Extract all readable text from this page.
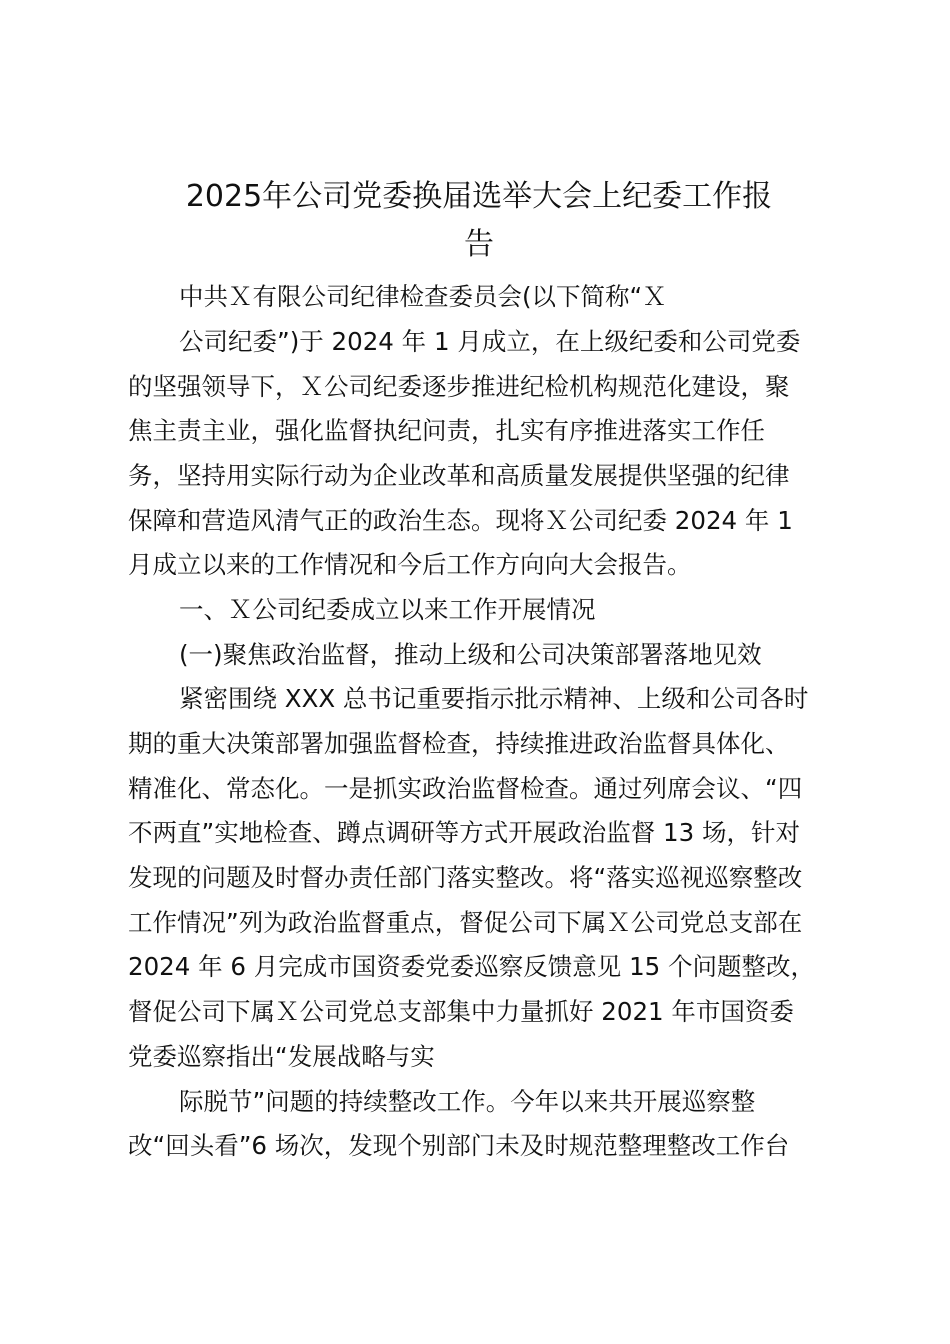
2025年公司党委换届选举大会上纪委工作报
告

中共Ｘ有限公司纪律检查委员会(以下简称“Ｘ

公司纪委”)于 2024 年 1 月成立，在上级纪委和公司党委

的坚强领导下，Ｘ公司纪委逐步推进纪检机构规范化建设，聚

焦主责主业，强化监督执纪问责，扎实有序推进落实工作任

务，坚持用实际行动为企业改革和高质量发展提供坚强的纪律

保障和营造风清气正的政治生态。现将Ｘ公司纪委 2024 年 1

月成立以来的工作情况和今后工作方向向大会报告。

一、Ｘ公司纪委成立以来工作开展情况

(一)聚焦政治监督，推动上级和公司决策部署落地见效

紧密围绕 XXX 总书记重要指示批示精神、上级和公司各时

期的重大决策部署加强监督检查，持续推进政治监督具体化、

精准化、常态化。一是抓实政治监督检查。通过列席会议、“四

不两直”实地检查、蹲点调研等方式开展政治监督 13 场，针对

发现的问题及时督办责任部门落实整改。将“落实巡视巡察整改

工作情况”列为政治监督重点，督促公司下属Ｘ公司党总支部在

2024 年 6 月完成市国资委党委巡察反馈意见 15 个问题整改，

督促公司下属Ｘ公司党总支部集中力量抓好 2021 年市国资委

党委巡察指出“发展战略与实

际脱节”问题的持续整改工作。今年以来共开展巡察整

改“回头看”6 场次，发现个别部门未及时规范整理整改工作台
